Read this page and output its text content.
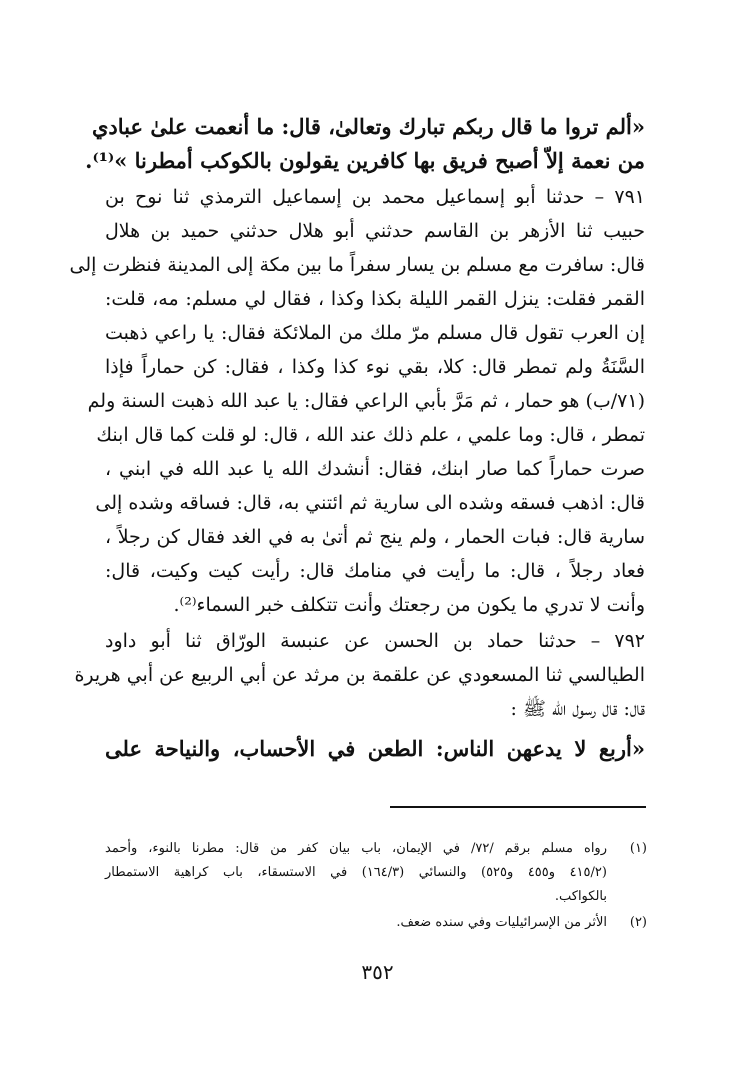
«ألم تروا ما قال ربكم تبارك وتعالىٰ، قال: ما أنعمت علىٰ عبادي
من نعمة إلاّ أصبح فريق بها كافرين يقولون بالكوكب أمطرنا »⁽¹⁾.
٧٩١ – حدثنا أبو إسماعيل محمد بن إسماعيل الترمذي ثنا نوح بن
حبيب ثنا الأزهر بن القاسم حدثني أبو هلال حدثني حميد بن هلال
قال: سافرت مع مسلم بن يسار سفراً ما بين مكة إلى المدينة فنظرت إلى
القمر فقلت: ينزل القمر الليلة بكذا وكذا ، فقال لي مسلم: مه، قلت:
إن العرب تقول قال مسلم مرّ ملك من الملائكة فقال: يا راعي ذهبت
السَّنَةُ ولم تمطر قال: كلا، بقي نوء كذا وكذا ، فقال: كن حماراً فإذا
(٧١/ب) هو حمار ، ثم مَرَّ بأبي الراعي فقال: يا عبد الله ذهبت السنة ولم
تمطر ، قال: وما علمي ، علم ذلك عند الله ، قال: لو قلت كما قال ابنك
صرت حماراً كما صار ابنك، فقال: أنشدك الله يا عبد الله في ابني ،
قال: اذهب فسقه وشده الى سارية ثم ائتني به، قال: فساقه وشده إلى
سارية قال: فبات الحمار ، ولم ينج ثم أتىٰ به في الغد فقال كن رجلاً ،
فعاد رجلاً ، قال: ما رأيت في منامك قال: رأيت كيت وكيت، قال:
وأنت لا تدري ما يكون من رجعتك وأنت تتكلف خبر السماء⁽²⁾.
٧٩٢ – حدثنا حماد بن الحسن عن عنبسة الورّاق ثنا أبو داود
الطيالسي ثنا المسعودي عن علقمة بن مرثد عن أبي الربيع عن أبي هريرة
قال: قال رسول الله ﷺ :
«أربع لا يدعهن الناس: الطعن في الأحساب، والنياحة على
(١)
رواه مسلم برقم /٧٢/ في الإيمان، باب بيان كفر من قال: مطرنا بالنوء، وأحمد
(٤١٥/٢ و٤٥٥ و٥٢٥) والنسائي (١٦٤/٣) في الاستسقاء، باب كراهية الاستمطار
بالكواكب.
(٢)
الأثر من الإسرائيليات وفي سنده ضعف.
٣٥٢
